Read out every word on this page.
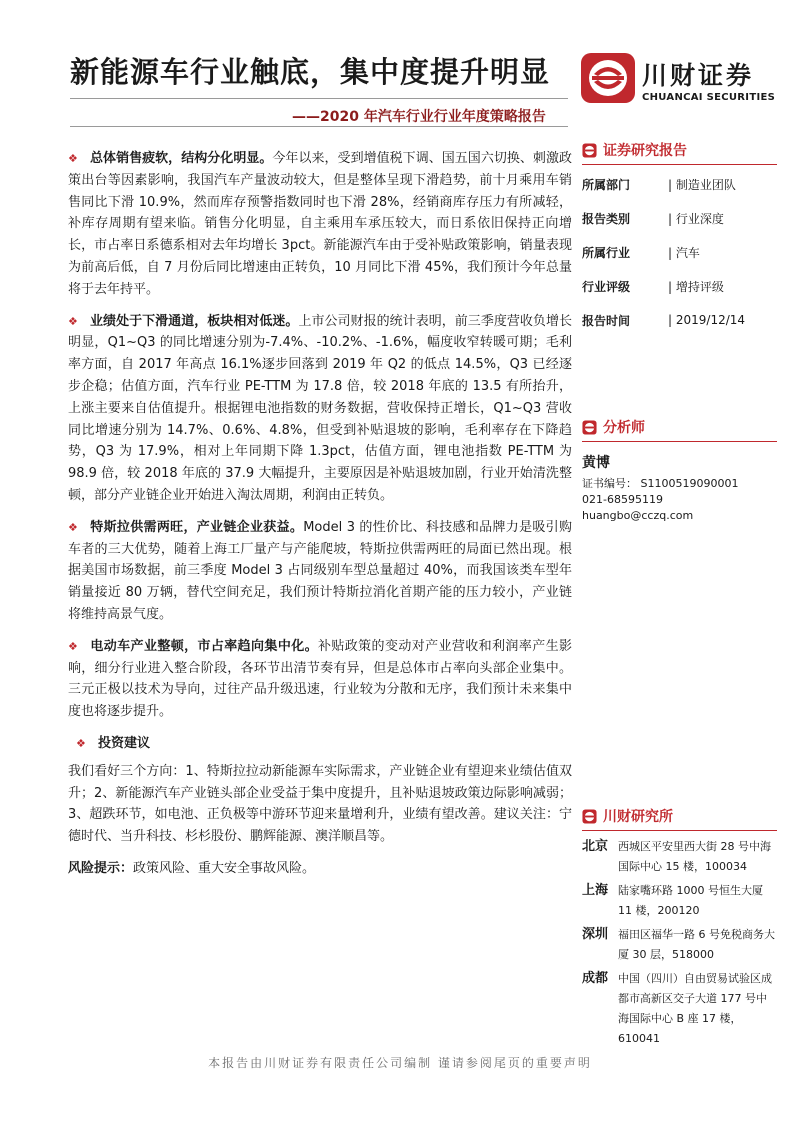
新能源车行业触底，集中度提升明显
——2020 年汽车行业行业年度策略报告
川财证券
CHUANCAI SECURITIES

❖ 总体销售疲软，结构分化明显。今年以来，受到增值税下调、国五国六切换、刺激政策出台等因素影响，我国汽车产量波动较大，但是整体呈现下滑趋势，前十月乘用车销售同比下滑 10.9%，然而库存预警指数同时也下滑 28%，经销商库存压力有所减轻，补库存周期有望来临。销售分化明显，自主乘用车承压较大，而日系依旧保持正向增长，市占率日系德系相对去年均增长 3pct。新能源汽车由于受补贴政策影响，销量表现为前高后低，自 7 月份后同比增速由正转负，10 月同比下滑 45%，我们预计今年总量将于去年持平。

❖ 业绩处于下滑通道，板块相对低迷。上市公司财报的统计表明，前三季度营收负增长明显，Q1~Q3 的同比增速分别为-7.4%、-10.2%、-1.6%，幅度收窄转暖可期；毛利率方面，自 2017 年高点 16.1%逐步回落到 2019 年 Q2 的低点 14.5%，Q3 已经逐步企稳；估值方面，汽车行业 PE-TTM 为 17.8 倍，较 2018 年底的 13.5 有所抬升，上涨主要来自估值提升。根据锂电池指数的财务数据，营收保持正增长，Q1~Q3 营收同比增速分别为 14.7%、0.6%、4.8%，但受到补贴退坡的影响，毛利率存在下降趋势，Q3 为 17.9%，相对上年同期下降 1.3pct，估值方面，锂电池指数 PE-TTM 为 98.9 倍，较 2018 年底的 37.9 大幅提升，主要原因是补贴退坡加剧，行业开始清洗整顿，部分产业链企业开始进入淘汰周期，利润由正转负。

❖ 特斯拉供需两旺，产业链企业获益。Model 3 的性价比、科技感和品牌力是吸引购车者的三大优势，随着上海工厂量产与产能爬坡，特斯拉供需两旺的局面已然出现。根据美国市场数据，前三季度 Model 3 占同级别车型总量超过 40%，而我国该类车型年销量接近 80 万辆，替代空间充足，我们预计特斯拉消化首期产能的压力较小，产业链将维持高景气度。

❖ 电动车产业整顿，市占率趋向集中化。补贴政策的变动对产业营收和利润率产生影响，细分行业进入整合阶段，各环节出清节奏有异，但是总体市占率向头部企业集中。三元正极以技术为导向，过往产品升级迅速，行业较为分散和无序，我们预计未来集中度也将逐步提升。

❖ 投资建议

我们看好三个方向：1、特斯拉拉动新能源车实际需求，产业链企业有望迎来业绩估值双升；2、新能源汽车产业链头部企业受益于集中度提升，且补贴退坡政策边际影响减弱；3、超跌环节，如电池、正负极等中游环节迎来量增利升，业绩有望改善。建议关注：宁德时代、当升科技、杉杉股份、鹏辉能源、澳洋顺昌等。

风险提示：政策风险、重大安全事故风险。

证券研究报告
所属部门	| 制造业团队
报告类别	| 行业深度
所属行业	| 汽车
行业评级	| 增持评级
报告时间	| 2019/12/14
分析师
黄博
证书编号： S1100519090001
021-68595119
huangbo@cczq.com
川财研究所
北京 西城区平安里西大街 28 号中海国际中心 15 楼，100034
上海 陆家嘴环路 1000 号恒生大厦 11 楼，200120
深圳 福田区福华一路 6 号免税商务大厦 30 层，518000
成都 中国（四川）自由贸易试验区成都市高新区交子大道 177 号中海国际中心 B 座 17 楼，610041
本报告由川财证券有限责任公司编制 谨请参阅尾页的重要声明
